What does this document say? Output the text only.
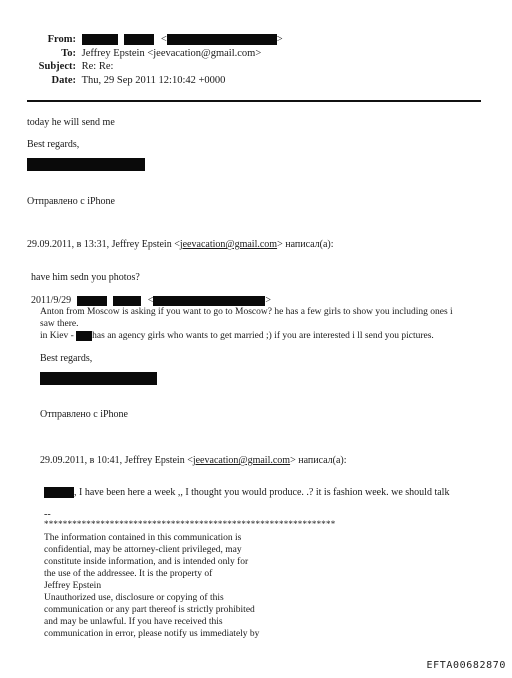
From:	<	>
To: Jeffrey Epstein <jeevacation@gmail.com>
Subject: Re: Re:
Date: Thu, 29 Sep 2011 12:10:42 +0000
today he will send me
Best regards,
Отправлено с iPhone
29.09.2011, в 13:31, Jeffrey Epstein <jeevacation@gmail.com> написал(а):
have him sedn you photos?
2011/9/29	<	>
Anton from Moscow is asking if you want to go to Moscow? he has a few girls to show you including ones i
saw there.
in Kiev - has an agency girls who wants to get married ;) if you are interested i ll send you pictures.
Best regards,
Отправлено с iPhone
29.09.2011, в 10:41, Jeffrey Epstein <jeevacation@gmail.com> написал(а):
, I have been here a week ,, I thought you would produce. .? it is fashion week. we should talk
--
**************************************************************
The information contained in this communication is
confidential, may be attorney-client privileged, may
constitute inside information, and is intended only for
the use of the addressee. It is the property of
Jeffrey Epstein
Unauthorized use, disclosure or copying of this
communication or any part thereof is strictly prohibited
and may be unlawful. If you have received this
communication in error, please notify us immediately by
EFTA00682870
